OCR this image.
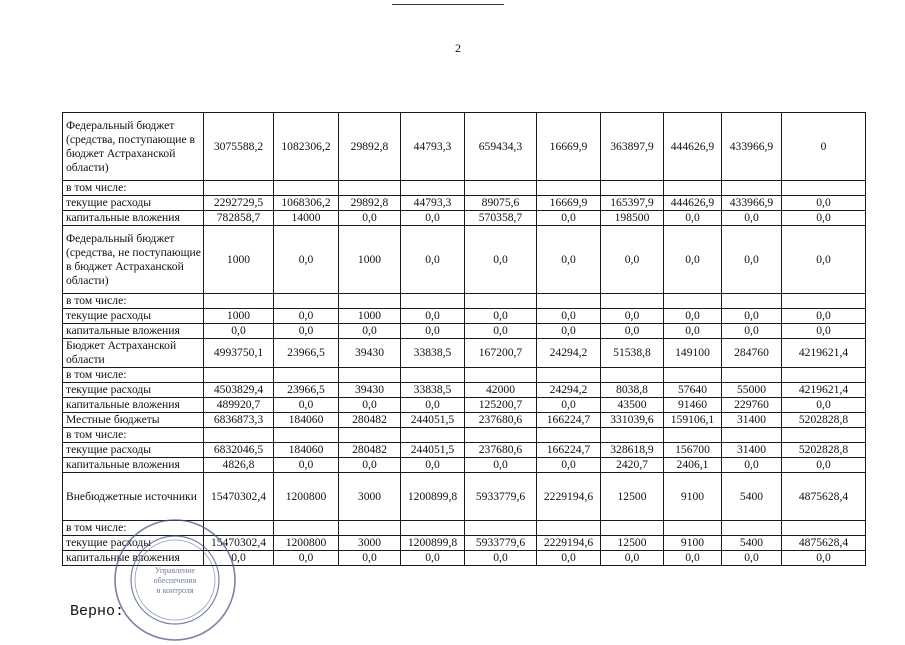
2
Федеральный бюджет (средства, поступающие в бюджет Астраханской области)	3075588,2	1082306,2	29892,8	44793,3	659434,3	16669,9	363897,9	444626,9	433966,9	0
в том числе:										
текущие расходы	2292729,5	1068306,2	29892,8	44793,3	89075,6	16669,9	165397,9	444626,9	433966,9	0,0
капитальные вложения	782858,7	14000	0,0	0,0	570358,7	0,0	198500	0,0	0,0	0,0
Федеральный бюджет (средства, не поступающие в бюджет Астраханской области)	1000	0,0	1000	0,0	0,0	0,0	0,0	0,0	0,0	0,0
в том числе:										
текущие расходы	1000	0,0	1000	0,0	0,0	0,0	0,0	0,0	0,0	0,0
капитальные вложения	0,0	0,0	0,0	0,0	0,0	0,0	0,0	0,0	0,0	0,0
Бюджет Астраханской области	4993750,1	23966,5	39430	33838,5	167200,7	24294,2	51538,8	149100	284760	4219621,4
в том числе:										
текущие расходы	4503829,4	23966,5	39430	33838,5	42000	24294,2	8038,8	57640	55000	4219621,4
капитальные вложения	489920,7	0,0	0,0	0,0	125200,7	0,0	43500	91460	229760	0,0
Местные бюджеты	6836873,3	184060	280482	244051,5	237680,6	166224,7	331039,6	159106,1	31400	5202828,8
в том числе:										
текущие расходы	6832046,5	184060	280482	244051,5	237680,6	166224,7	328618,9	156700	31400	5202828,8
капитальные вложения	4826,8	0,0	0,0	0,0	0,0	0,0	2420,7	2406,1	0,0	0,0
Внебюджетные источники	15470302,4	1200800	3000	1200899,8	5933779,6	2229194,6	12500	9100	5400	4875628,4
в том числе:										
текущие расходы	15470302,4	1200800	3000	1200899,8	5933779,6	2229194,6	12500	9100	5400	4875628,4
капитальные вложения	0,0	0,0	0,0	0,0	0,0	0,0	0,0	0,0	0,0	0,0
Верно:
Управление
обеспечения
и контроля
